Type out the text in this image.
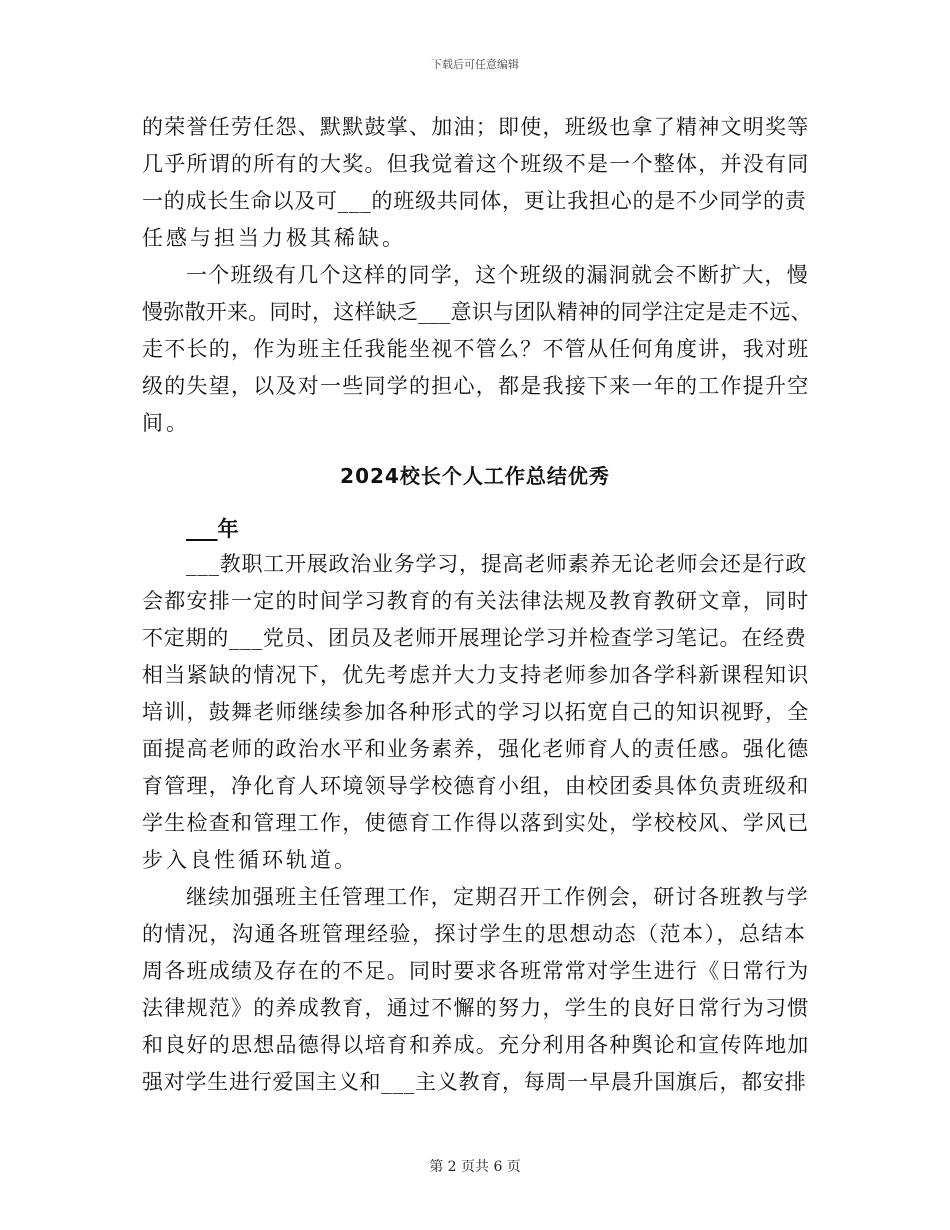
下载后可任意编辑
的荣誉任劳任怨、默默鼓掌、加油；即使，班级也拿了精神文明奖等
几乎所谓的所有的大奖。但我觉着这个班级不是一个整体，并没有同
一的成长生命以及可___的班级共同体，更让我担心的是不少同学的责
任感与担当力极其稀缺。
一个班级有几个这样的同学，这个班级的漏洞就会不断扩大，慢
慢弥散开来。同时，这样缺乏___意识与团队精神的同学注定是走不远、
走不长的，作为班主任我能坐视不管么？不管从任何角度讲，我对班
级的失望，以及对一些同学的担心，都是我接下来一年的工作提升空
间。
2024校长个人工作总结优秀
___年
___教职工开展政治业务学习，提高老师素养无论老师会还是行政
会都安排一定的时间学习教育的有关法律法规及教育教研文章，同时
不定期的___党员、团员及老师开展理论学习并检查学习笔记。在经费
相当紧缺的情况下，优先考虑并大力支持老师参加各学科新课程知识
培训，鼓舞老师继续参加各种形式的学习以拓宽自己的知识视野，全
面提高老师的政治水平和业务素养，强化老师育人的责任感。强化德
育管理，净化育人环境领导学校德育小组，由校团委具体负责班级和
学生检查和管理工作，使德育工作得以落到实处，学校校风、学风已
步入良性循环轨道。
继续加强班主任管理工作，定期召开工作例会，研讨各班教与学
的情况，沟通各班管理经验，探讨学生的思想动态（范本），总结本
周各班成绩及存在的不足。同时要求各班常常对学生进行《日常行为
法律规范》的养成教育，通过不懈的努力，学生的良好日常行为习惯
和良好的思想品德得以培育和养成。充分利用各种舆论和宣传阵地加
强对学生进行爱国主义和___主义教育，每周一早晨升国旗后，都安排
第 2 页共 6 页
